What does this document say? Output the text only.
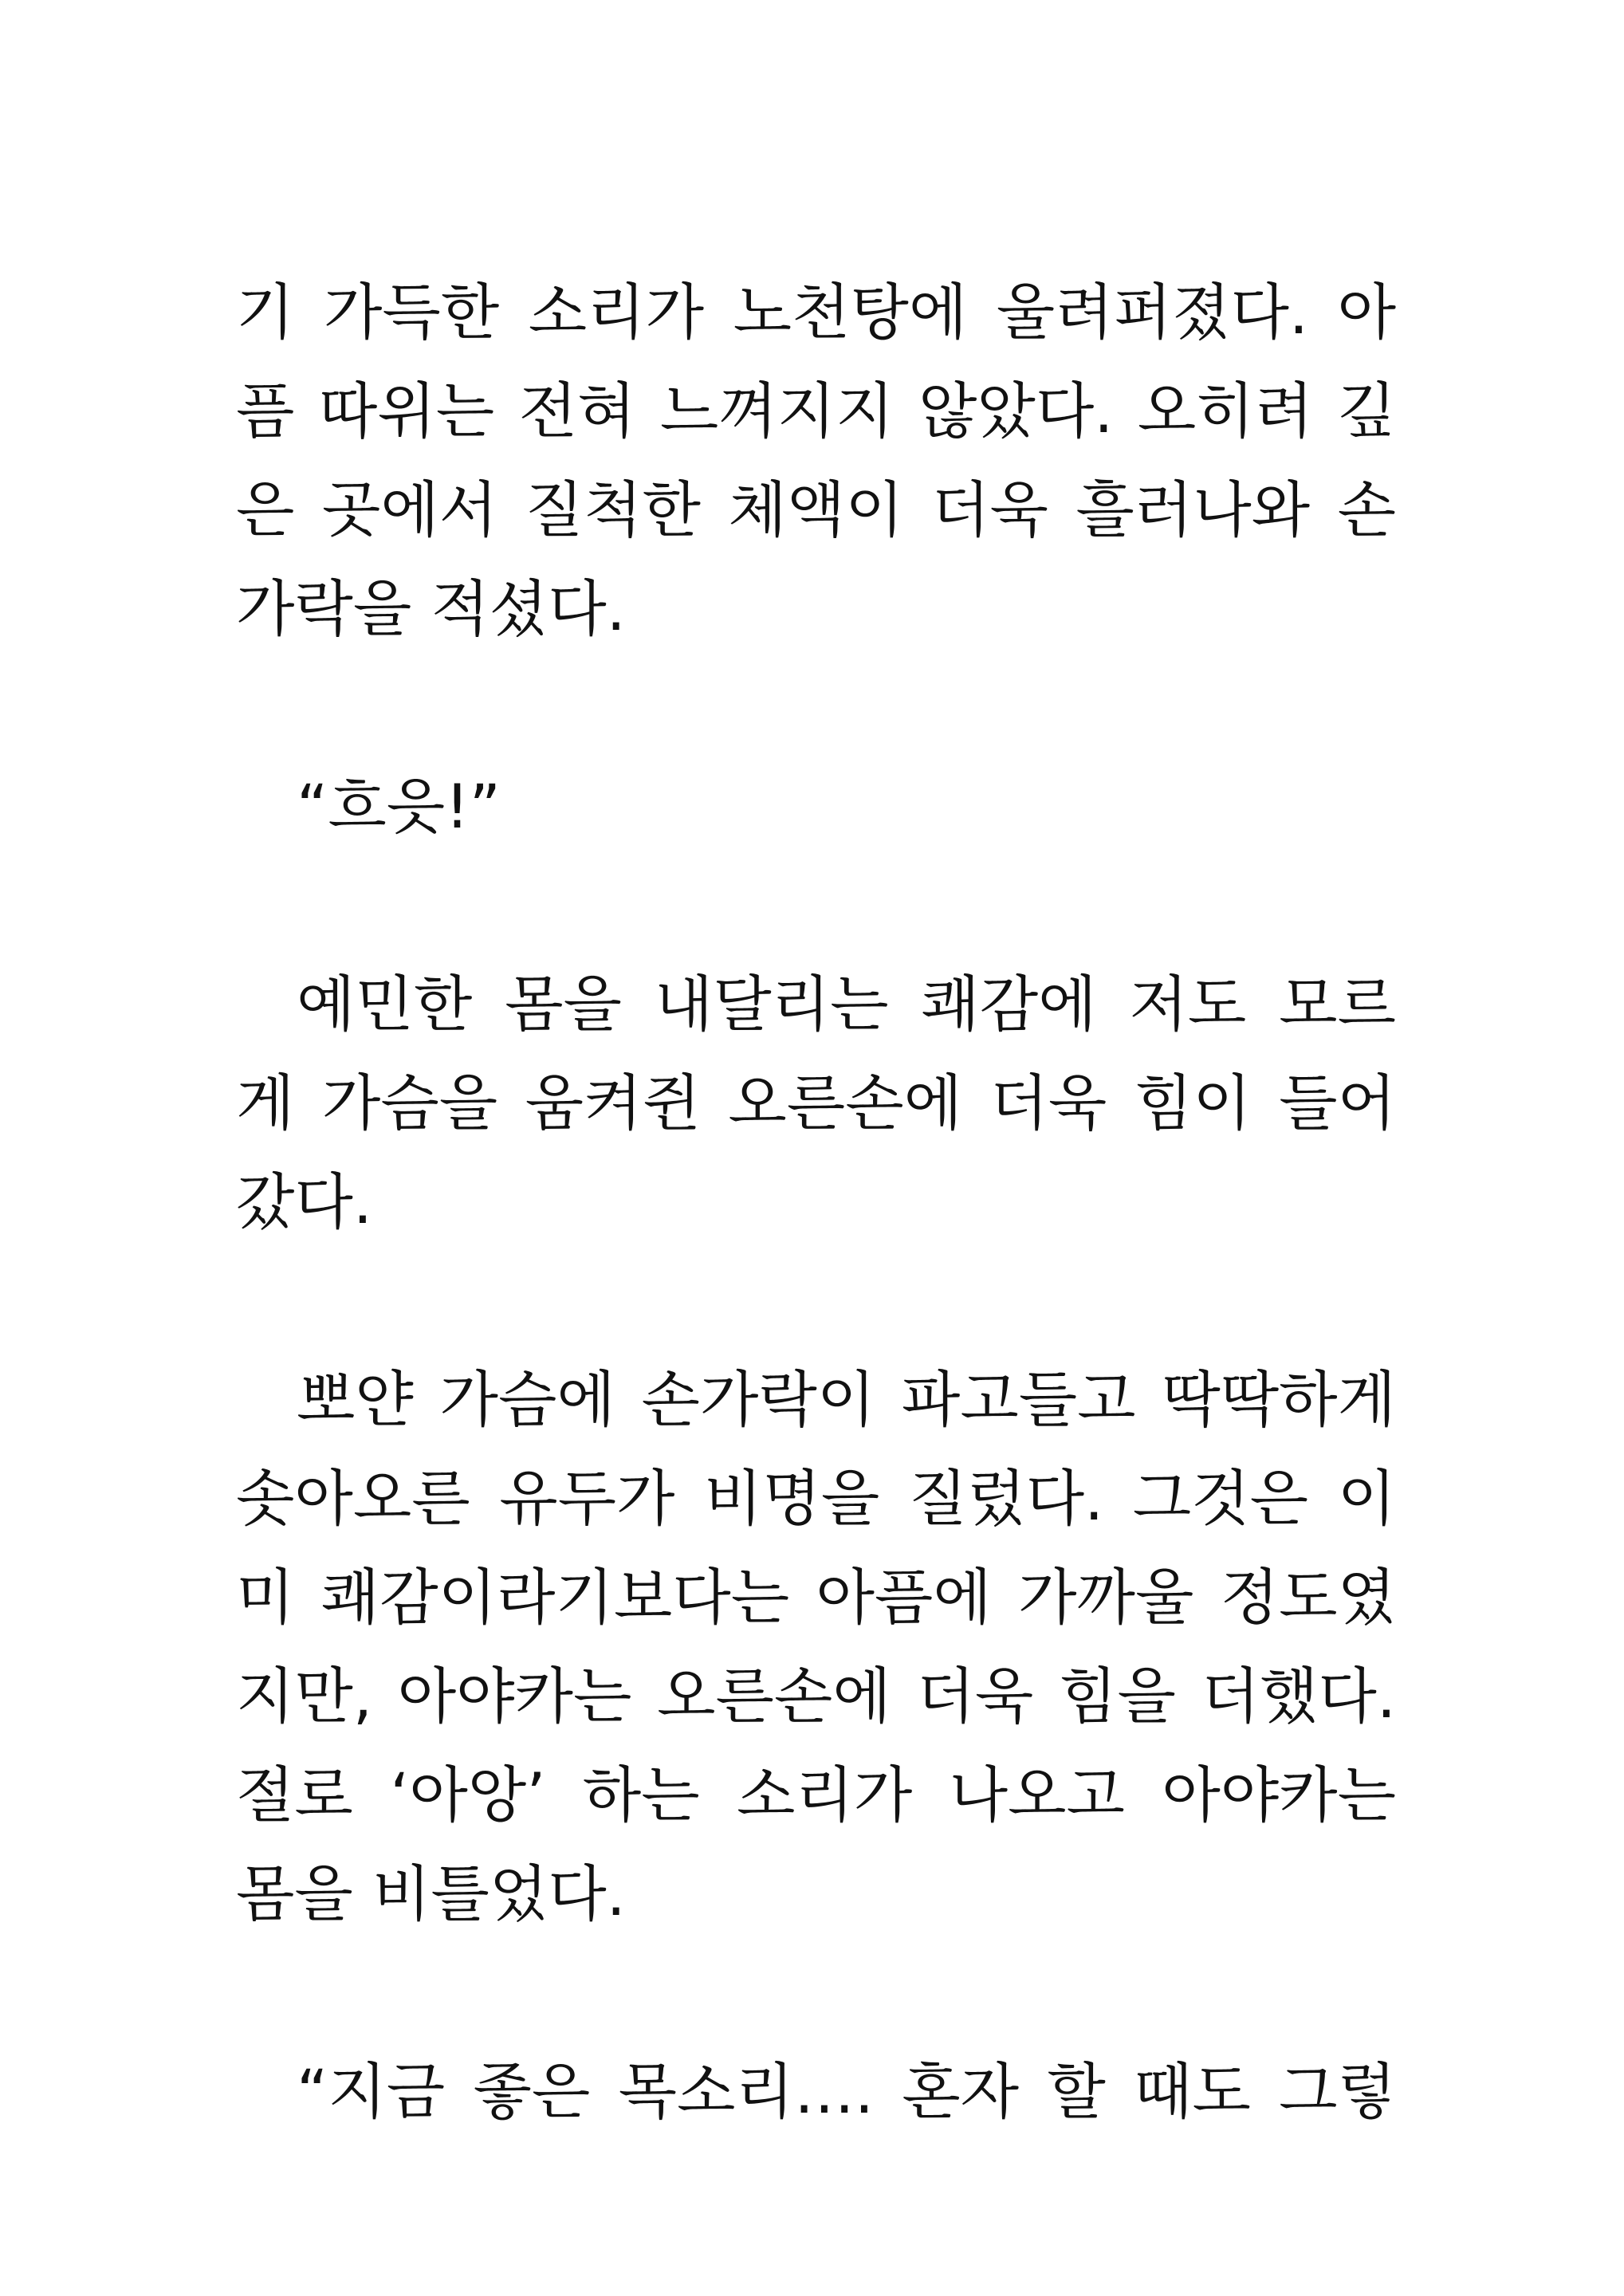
기 가득한 소리가 노천탕에 울려퍼졌다. 아
픔 따위는 전혀 느껴지지 않았다. 오히려 깊
은 곳에서 질척한 체액이 더욱 흘러나와 손
가락을 적셨다.
“흐읏!”
예민한 몸을 내달리는 쾌감에 저도 모르
게 가슴을 움켜쥔 오른손에 더욱 힘이 들어
갔다.
뽀얀 가슴에 손가락이 파고들고 딱딱하게
솟아오른 유두가 비명을 질렀다. 그것은 이
미 쾌감이라기보다는 아픔에 가까울 정도였
지만, 아야카는 오른손에 더욱 힘을 더했다.
절로 ‘아앙’ 하는 소리가 나오고 아야카는
몸을 비틀었다.
“지금 좋은 목소리…. 혼자 할 때도 그렇
